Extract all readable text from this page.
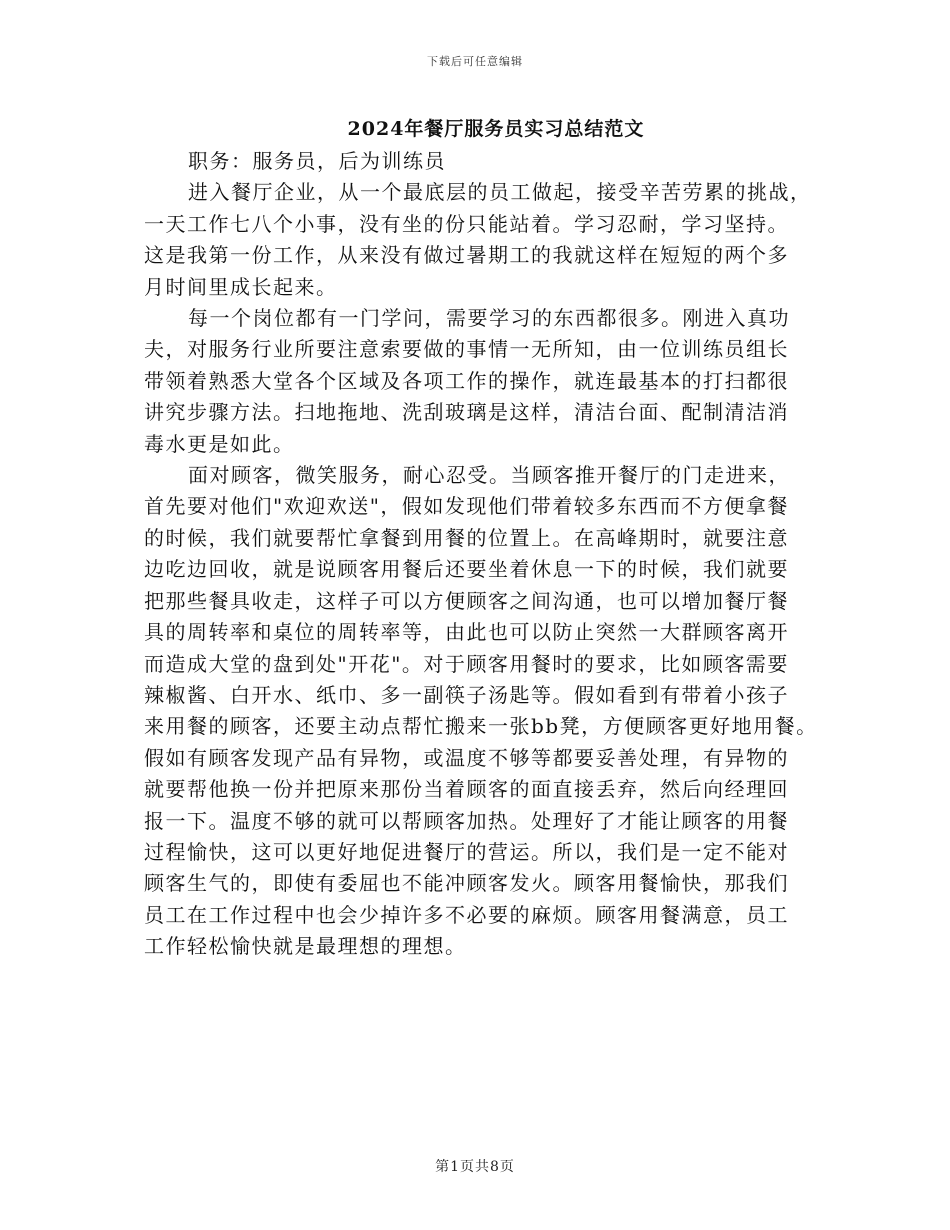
下载后可任意编辑
2024年餐厅服务员实习总结范文

职务：服务员，后为训练员

进入餐厅企业，从一个最底层的员工做起，接受辛苦劳累的挑战，
一天工作七八个小事，没有坐的份只能站着。学习忍耐，学习坚持。
这是我第一份工作，从来没有做过暑期工的我就这样在短短的两个多
月时间里成长起来。

每一个岗位都有一门学问，需要学习的东西都很多。刚进入真功
夫，对服务行业所要注意索要做的事情一无所知，由一位训练员组长
带领着熟悉大堂各个区域及各项工作的操作，就连最基本的打扫都很
讲究步骤方法。扫地拖地、洗刮玻璃是这样，清洁台面、配制清洁消
毒水更是如此。

面对顾客，微笑服务，耐心忍受。当顾客推开餐厅的门走进来，
首先要对他们"欢迎欢送"，假如发现他们带着较多东西而不方便拿餐
的时候，我们就要帮忙拿餐到用餐的位置上。在高峰期时，就要注意
边吃边回收，就是说顾客用餐后还要坐着休息一下的时候，我们就要
把那些餐具收走，这样子可以方便顾客之间沟通，也可以增加餐厅餐
具的周转率和桌位的周转率等，由此也可以防止突然一大群顾客离开
而造成大堂的盘到处"开花"。对于顾客用餐时的要求，比如顾客需要
辣椒酱、白开水、纸巾、多一副筷子汤匙等。假如看到有带着小孩子
来用餐的顾客，还要主动点帮忙搬来一张bb凳，方便顾客更好地用餐。
假如有顾客发现产品有异物，或温度不够等都要妥善处理，有异物的
就要帮他换一份并把原来那份当着顾客的面直接丢弃，然后向经理回
报一下。温度不够的就可以帮顾客加热。处理好了才能让顾客的用餐
过程愉快，这可以更好地促进餐厅的营运。所以，我们是一定不能对
顾客生气的，即使有委屈也不能冲顾客发火。顾客用餐愉快，那我们
员工在工作过程中也会少掉许多不必要的麻烦。顾客用餐满意，员工
工作轻松愉快就是最理想的理想。

第1页共8页
